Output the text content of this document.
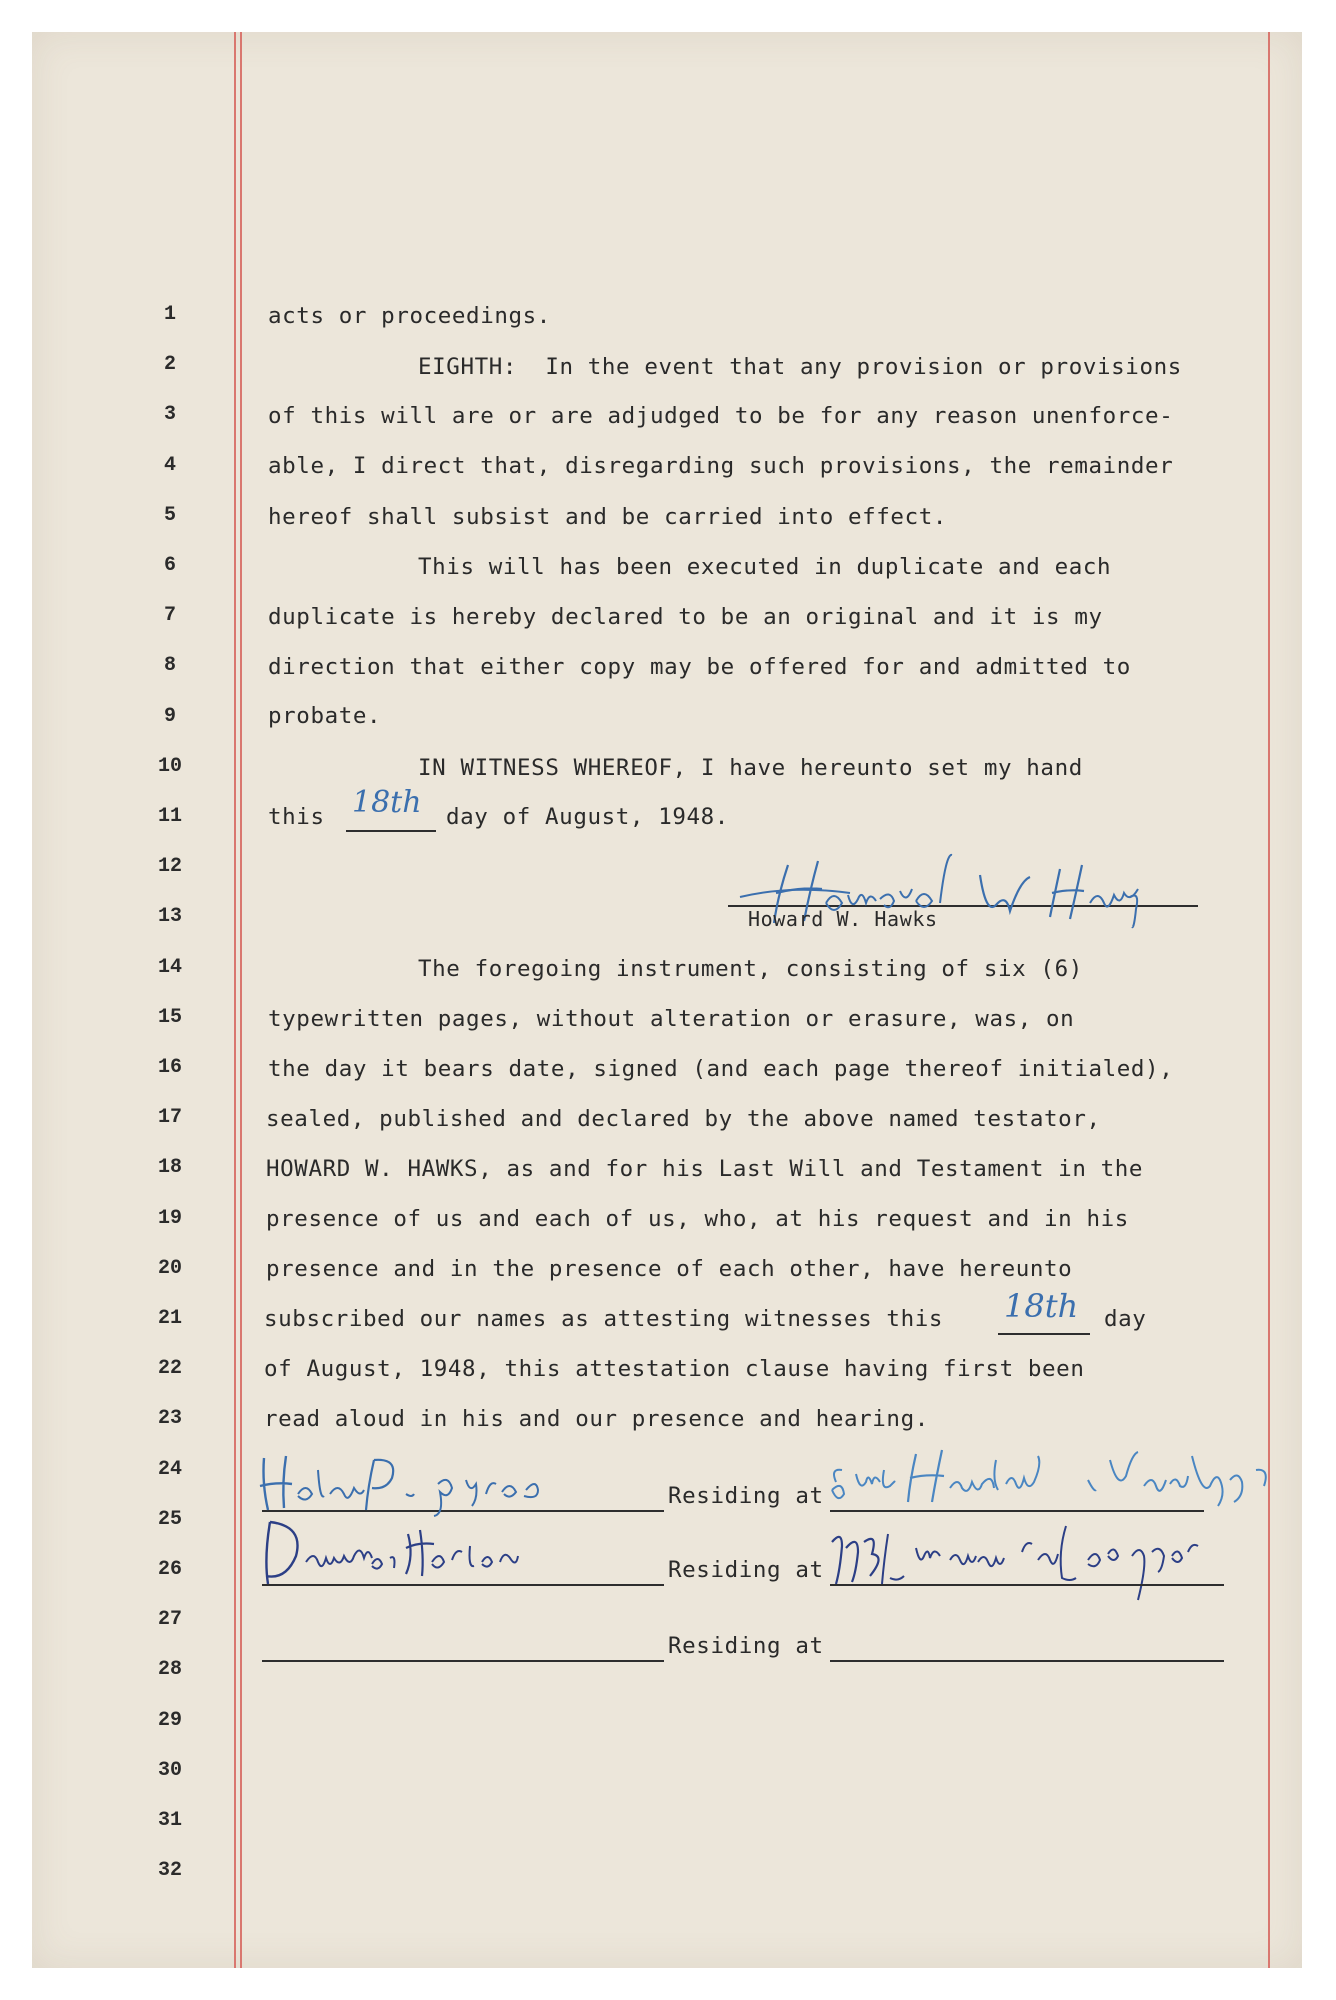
1
2
3
4
5
6
7
8
9
10
11
12
13
14
15
16
17
18
19
20
21
22
23
24
25
26
27
28
29
30
31
32
acts or proceedings.
EIGHTH:  In the event that any provision or provisions
of this will are or are adjudged to be for any reason unenforce-
able, I direct that, disregarding such provisions, the remainder
hereof shall subsist and be carried into effect.
This will has been executed in duplicate and each
duplicate is hereby declared to be an original and it is my
direction that either copy may be offered for and admitted to
probate.
IN WITNESS WHEREOF, I have hereunto set my hand
this 18th day of August, 1948.
Howard W. Hawks
The foregoing instrument, consisting of six (6)
typewritten pages, without alteration or erasure, was, on
the day it bears date, signed (and each page thereof initialed),
sealed, published and declared by the above named testator,
HOWARD W. HAWKS, as and for his Last Will and Testament in the
presence of us and each of us, who, at his request and in his
presence and in the presence of each other, have hereunto
subscribed our names as attesting witnesses this 18th day
of August, 1948, this attestation clause having first been
read aloud in his and our presence and hearing.
Residing at
Residing at
Residing at
